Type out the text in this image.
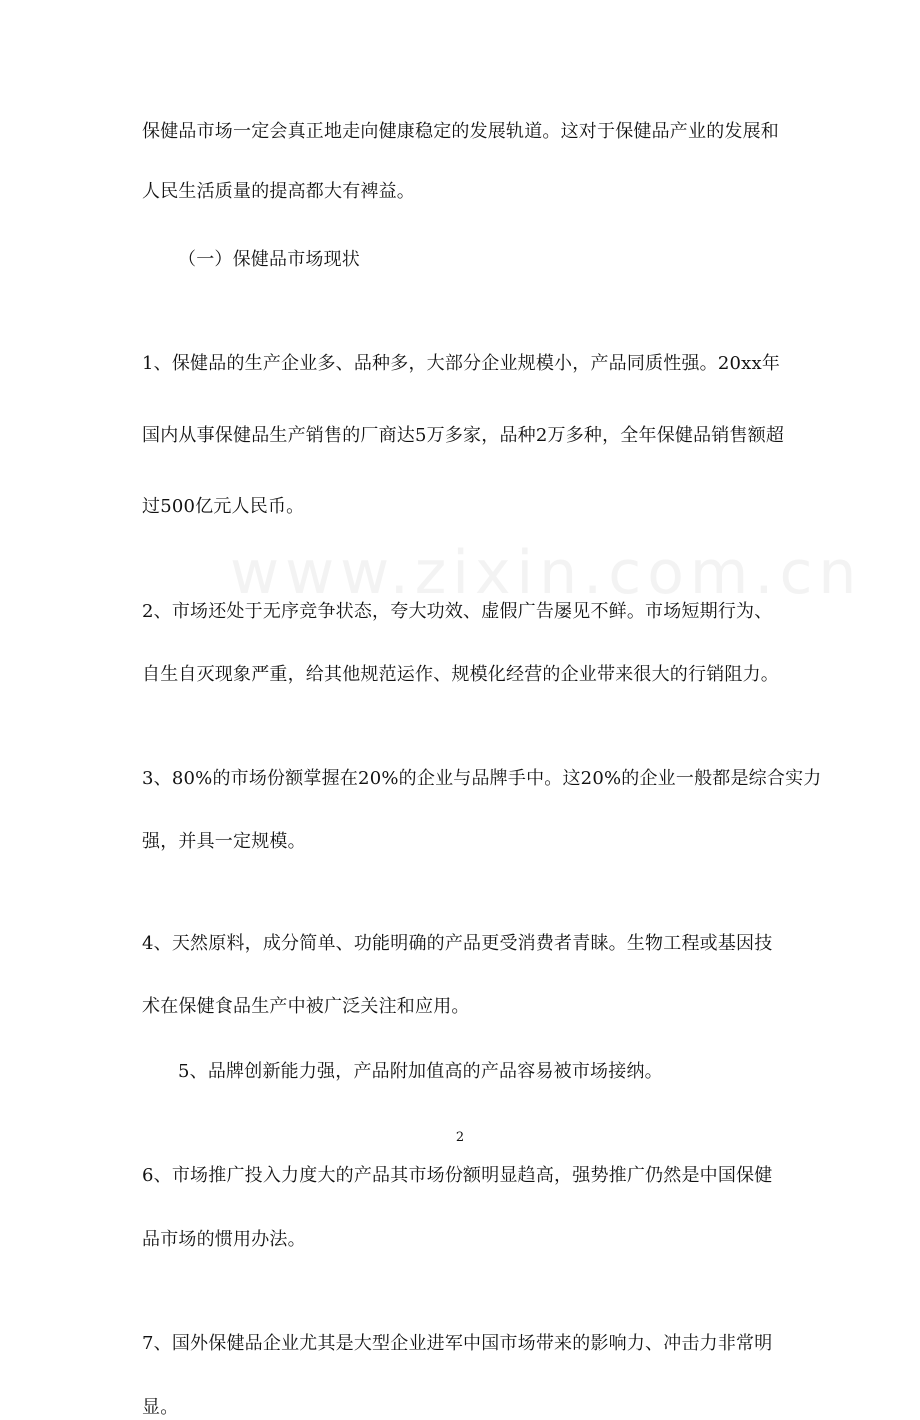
www.zixin.com.cn
保健品市场一定会真正地走向健康稳定的发展轨道。这对于保健品产业的发展和
人民生活质量的提高都大有裨益。
（一）保健品市场现状
1、保健品的生产企业多、品种多，大部分企业规模小，产品同质性强。20xx年
国内从事保健品生产销售的厂商达5万多家，品种2万多种，全年保健品销售额超
过500亿元人民币。
2、市场还处于无序竞争状态，夸大功效、虚假广告屡见不鲜。市场短期行为、
自生自灭现象严重，给其他规范运作、规模化经营的企业带来很大的行销阻力。
3、80%的市场份额掌握在20%的企业与品牌手中。这20%的企业一般都是综合实力
强，并具一定规模。
4、天然原料，成分简单、功能明确的产品更受消费者青睐。生物工程或基因技
术在保健食品生产中被广泛关注和应用。
5、品牌创新能力强，产品附加值高的产品容易被市场接纳。
6、市场推广投入力度大的产品其市场份额明显趋高，强势推广仍然是中国保健
品市场的惯用办法。
7、国外保健品企业尤其是大型企业进军中国市场带来的影响力、冲击力非常明
显。
2
